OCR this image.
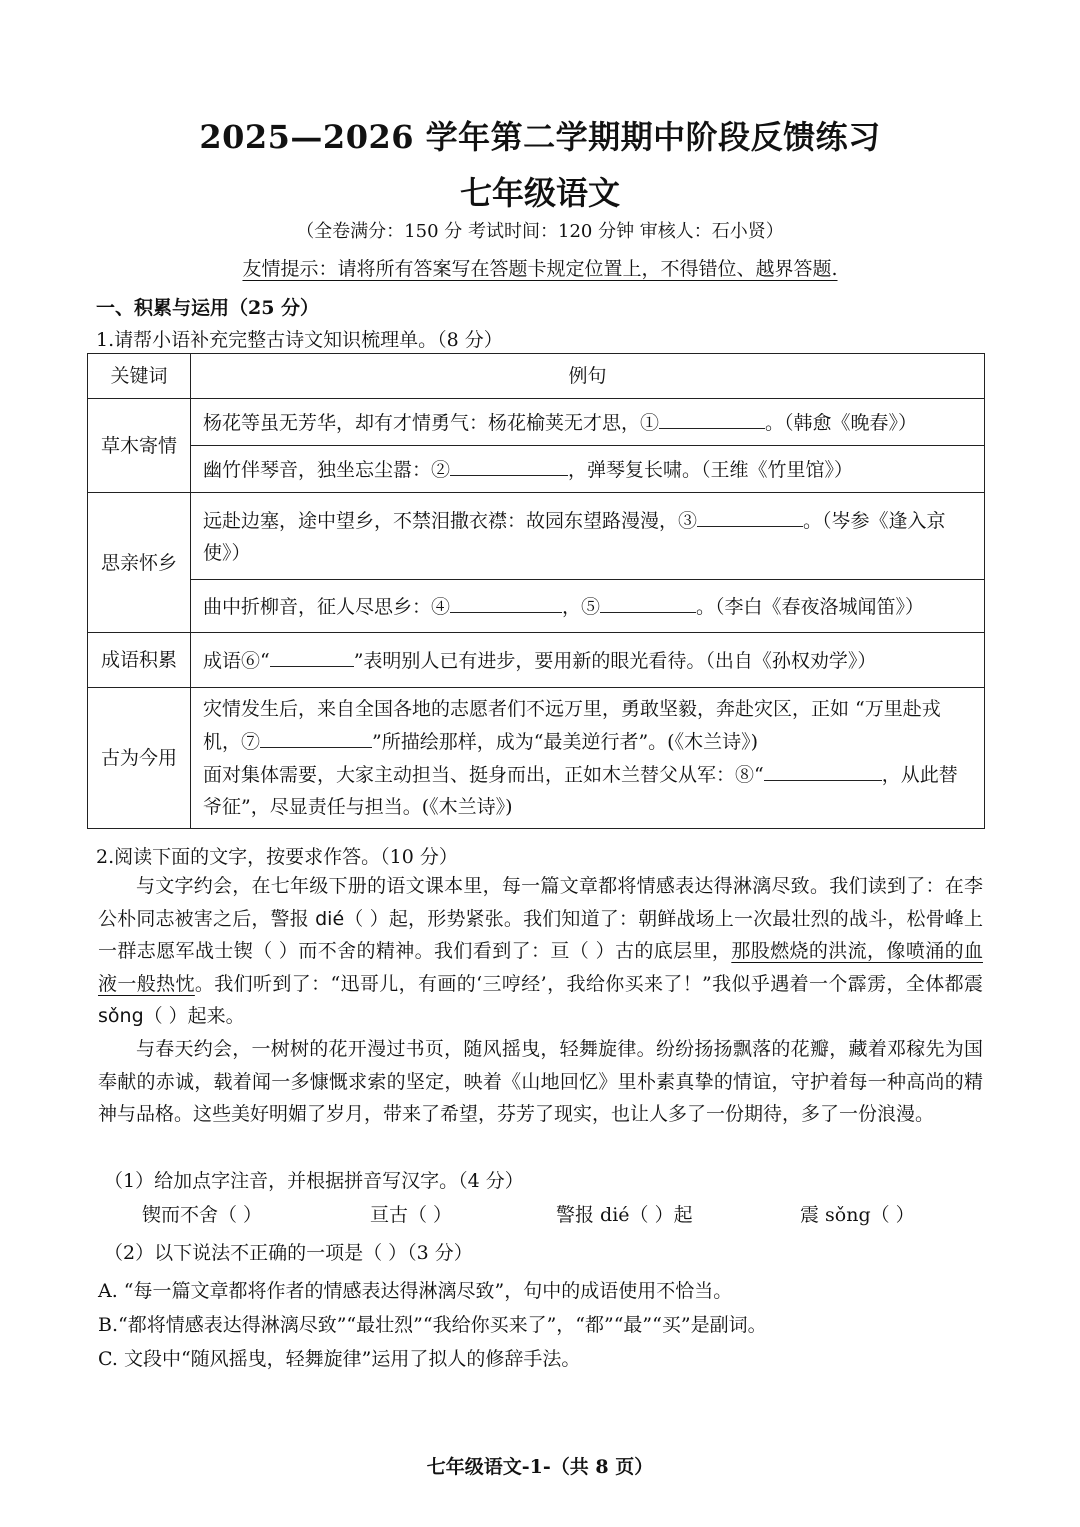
2025—2026 学年第二学期期中阶段反馈练习
七年级语文
（全卷满分：150 分 考试时间：120 分钟 审核人：石小贤）
友情提示：请将所有答案写在答题卡规定位置上，不得错位、越界答题.
一、积累与运用（25 分）
1.请帮小语补充完整古诗文知识梳理单。（8 分）
关键词	例句
草木寄情	杨花等虽无芳华，却有才情勇气：杨花榆荚无才思，① 。（韩愈《晚春》）
	幽竹伴琴音，独坐忘尘嚣：② ，弹琴复长啸。（王维《竹里馆》）
思亲怀乡	远赴边塞，途中望乡，不禁泪撒衣襟：故园东望路漫漫，③ 。（岑参《逢入京使》）
	曲中折柳音，征人尽思乡：④ ，⑤ 。（李白《春夜洛城闻笛》）
成语积累	成语⑥“ ”表明别人已有进步，要用新的眼光看待。（出自《孙权劝学》）
古为今用	灾情发生后，来自全国各地的志愿者们不远万里，勇敢坚毅，奔赴灾区，正如 “万里赴戎机，⑦ ”所描绘那样，成为“最美逆行者”。(《木兰诗》)
面对集体需要，大家主动担当、挺身而出，正如木兰替父从军：⑧“ ，从此替爷征”，尽显责任与担当。(《木兰诗》)
2.阅读下面的文字，按要求作答。（10 分）

与文字约会，在七年级下册的语文课本里，每一篇文章都将情感表达得淋漓尽致。我们读到了：在李公朴同志被害之后，警报 dié（ ）起，形势紧张。我们知道了：朝鲜战场上一次最壮烈的战斗，松骨峰上一群志愿军战士锲（ ）而不舍的精神。我们看到了：亘（ ）古的底层里，那股燃烧的洪流，像喷涌的血液一般热忱。我们听到了：“迅哥儿，有画的‘三哼经’，我给你买来了！”我似乎遇着一个霹雳，全体都震 sǒng（ ）起来。

与春天约会，一树树的花开漫过书页，随风摇曳，轻舞旋律。纷纷扬扬飘落的花瓣，藏着邓稼先为国奉献的赤诚，载着闻一多慷慨求索的坚定，映着《山地回忆》里朴素真挚的情谊，守护着每一种高尚的精神与品格。这些美好明媚了岁月，带来了希望，芬芳了现实，也让人多了一份期待，多了一份浪漫。

（1）给加点字注音，并根据拼音写汉字。（4 分）
锲而不舍（ ）	亘古（ ）	警报 dié（ ）起	震 sǒng（ ）
（2）以下说法不正确的一项是（ ）（3 分）
A. “每一篇文章都将作者的情感表达得淋漓尽致”，句中的成语使用不恰当。
B.“都将情感表达得淋漓尽致”“最壮烈”“我给你买来了”，“都”“最”“买”是副词。
C. 文段中“随风摇曳，轻舞旋律”运用了拟人的修辞手法。
七年级语文-1-（共 8 页）
